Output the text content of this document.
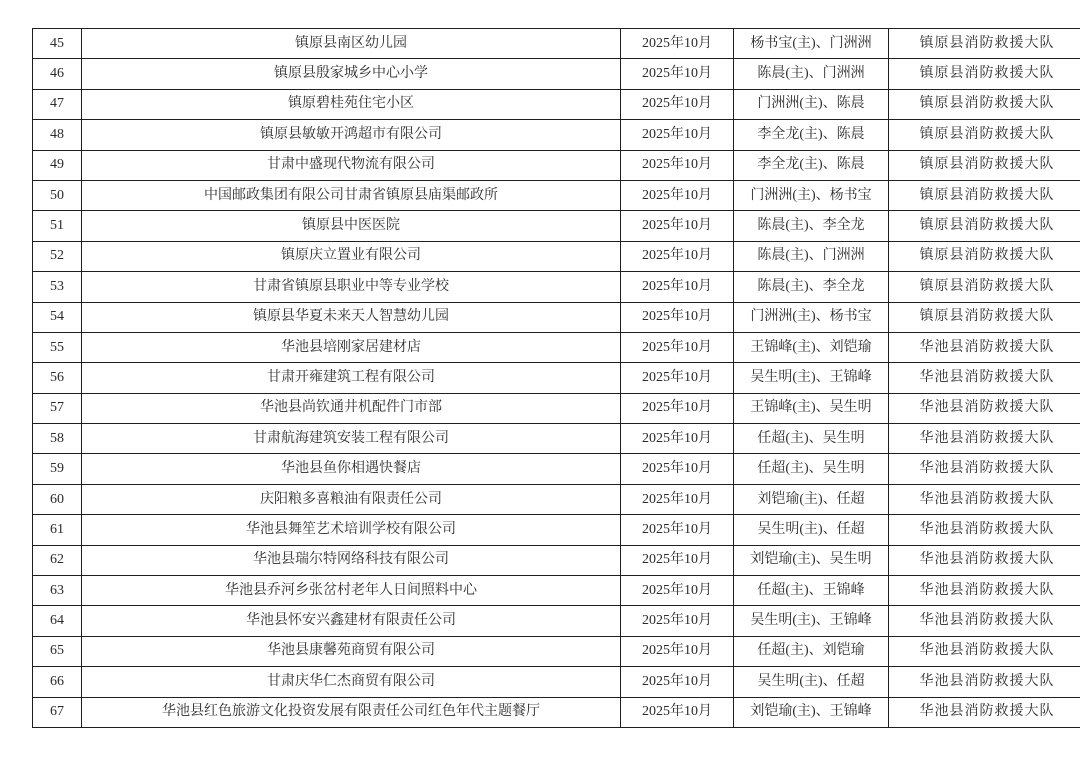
45	镇原县南区幼儿园	2025年10月	杨书宝(主)、门洲洲	镇原县消防救援大队
46	镇原县殷家城乡中心小学	2025年10月	陈晨(主)、门洲洲	镇原县消防救援大队
47	镇原碧桂苑住宅小区	2025年10月	门洲洲(主)、陈晨	镇原县消防救援大队
48	镇原县敏敏开鸿超市有限公司	2025年10月	李全龙(主)、陈晨	镇原县消防救援大队
49	甘肃中盛现代物流有限公司	2025年10月	李全龙(主)、陈晨	镇原县消防救援大队
50	中国邮政集团有限公司甘肃省镇原县庙渠邮政所	2025年10月	门洲洲(主)、杨书宝	镇原县消防救援大队
51	镇原县中医医院	2025年10月	陈晨(主)、李全龙	镇原县消防救援大队
52	镇原庆立置业有限公司	2025年10月	陈晨(主)、门洲洲	镇原县消防救援大队
53	甘肃省镇原县职业中等专业学校	2025年10月	陈晨(主)、李全龙	镇原县消防救援大队
54	镇原县华夏未来天人智慧幼儿园	2025年10月	门洲洲(主)、杨书宝	镇原县消防救援大队
55	华池县培刚家居建材店	2025年10月	王锦峰(主)、刘铠瑜	华池县消防救援大队
56	甘肃开雍建筑工程有限公司	2025年10月	吴生明(主)、王锦峰	华池县消防救援大队
57	华池县尚钦通井机配件门市部	2025年10月	王锦峰(主)、吴生明	华池县消防救援大队
58	甘肃航海建筑安装工程有限公司	2025年10月	任超(主)、吴生明	华池县消防救援大队
59	华池县鱼你相遇快餐店	2025年10月	任超(主)、吴生明	华池县消防救援大队
60	庆阳粮多喜粮油有限责任公司	2025年10月	刘铠瑜(主)、任超	华池县消防救援大队
61	华池县舞笙艺术培训学校有限公司	2025年10月	吴生明(主)、任超	华池县消防救援大队
62	华池县瑞尔特网络科技有限公司	2025年10月	刘铠瑜(主)、吴生明	华池县消防救援大队
63	华池县乔河乡张岔村老年人日间照料中心	2025年10月	任超(主)、王锦峰	华池县消防救援大队
64	华池县怀安兴鑫建材有限责任公司	2025年10月	吴生明(主)、王锦峰	华池县消防救援大队
65	华池县康馨苑商贸有限公司	2025年10月	任超(主)、刘铠瑜	华池县消防救援大队
66	甘肃庆华仁杰商贸有限公司	2025年10月	吴生明(主)、任超	华池县消防救援大队
67	华池县红色旅游文化投资发展有限责任公司红色年代主题餐厅	2025年10月	刘铠瑜(主)、王锦峰	华池县消防救援大队
